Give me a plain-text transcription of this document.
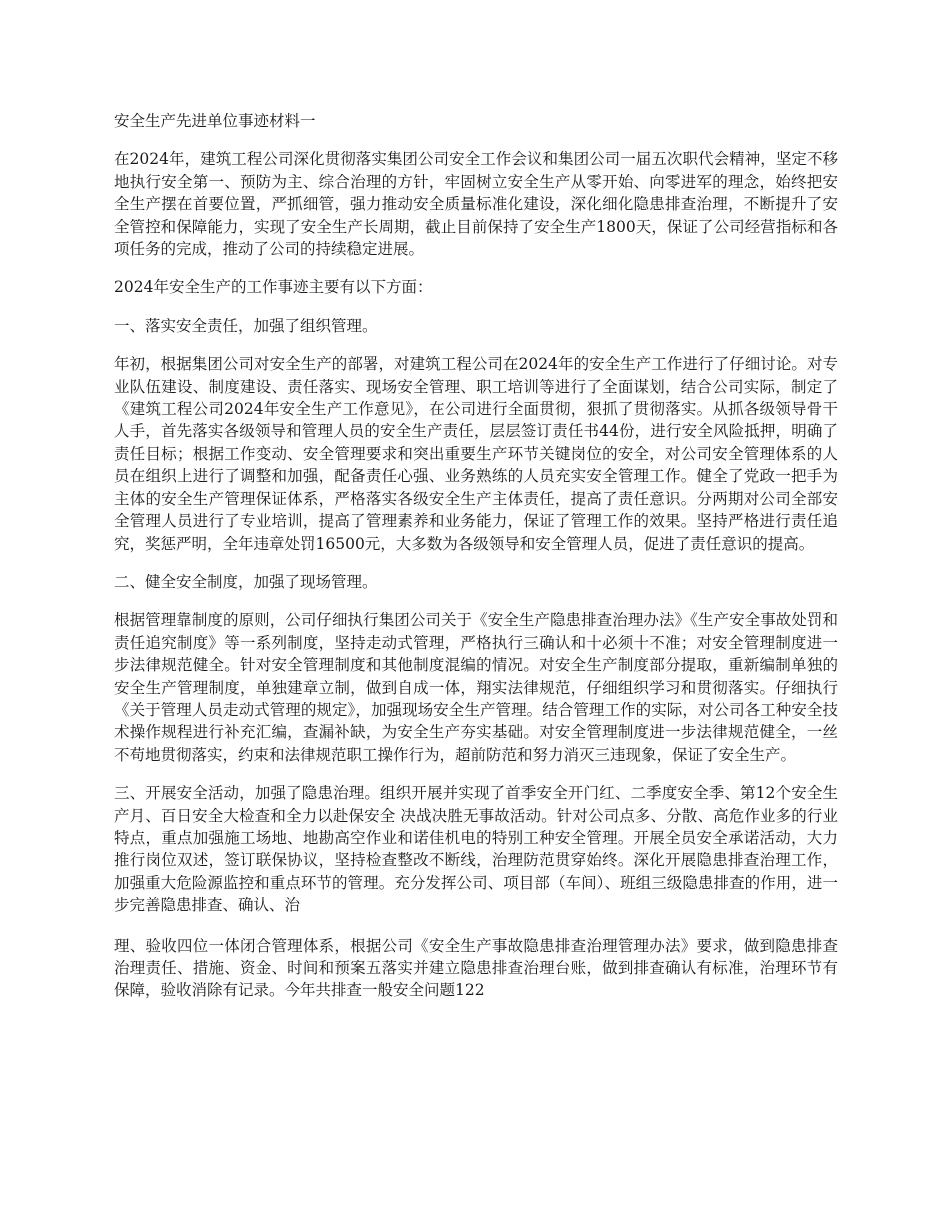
安全生产先进单位事迹材料一

在2024年，建筑工程公司深化贯彻落实集团公司安全工作会议和集团公司一届五次职代会精神，坚定不移地执行安全第一、预防为主、综合治理的方针，牢固树立安全生产从零开始、向零进军的理念，始终把安全生产摆在首要位置，严抓细管，强力推动安全质量标准化建设，深化细化隐患排查治理，不断提升了安全管控和保障能力，实现了安全生产长周期，截止目前保持了安全生产1800天，保证了公司经营指标和各项任务的完成，推动了公司的持续稳定进展。

2024年安全生产的工作事迹主要有以下方面：

一、落实安全责任，加强了组织管理。

年初，根据集团公司对安全生产的部署，对建筑工程公司在2024年的安全生产工作进行了仔细讨论。对专业队伍建设、制度建设、责任落实、现场安全管理、职工培训等进行了全面谋划，结合公司实际，制定了《建筑工程公司2024年安全生产工作意见》，在公司进行全面贯彻，狠抓了贯彻落实。从抓各级领导骨干人手，首先落实各级领导和管理人员的安全生产责任，层层签订责任书44份，进行安全风险抵押，明确了责任目标；根据工作变动、安全管理要求和突出重要生产环节关键岗位的安全，对公司安全管理体系的人员在组织上进行了调整和加强，配备责任心强、业务熟练的人员充实安全管理工作。健全了党政一把手为主体的安全生产管理保证体系，严格落实各级安全生产主体责任，提高了责任意识。分两期对公司全部安全管理人员进行了专业培训，提高了管理素养和业务能力，保证了管理工作的效果。坚持严格进行责任追究，奖惩严明，全年违章处罚16500元，大多数为各级领导和安全管理人员，促进了责任意识的提高。

二、健全安全制度，加强了现场管理。

根据管理靠制度的原则，公司仔细执行集团公司关于《安全生产隐患排查治理办法》《生产安全事故处罚和责任追究制度》等一系列制度，坚持走动式管理，严格执行三确认和十必须十不准；对安全管理制度进一步法律规范健全。针对安全管理制度和其他制度混编的情况。对安全生产制度部分提取，重新编制单独的安全生产管理制度，单独建章立制，做到自成一体，翔实法律规范，仔细组织学习和贯彻落实。仔细执行《关于管理人员走动式管理的规定》，加强现场安全生产管理。结合管理工作的实际，对公司各工种安全技术操作规程进行补充汇编，查漏补缺，为安全生产夯实基础。对安全管理制度进一步法律规范健全，一丝不苟地贯彻落实，约束和法律规范职工操作行为，超前防范和努力消灭三违现象，保证了安全生产。

三、开展安全活动，加强了隐患治理。组织开展并实现了首季安全开门红、二季度安全季、第12个安全生产月、百日安全大检查和全力以赴保安全 决战决胜无事故活动。针对公司点多、分散、高危作业多的行业特点，重点加强施工场地、地勘高空作业和诺佳机电的特别工种安全管理。开展全员安全承诺活动，大力推行岗位双述，签订联保协议，坚持检查整改不断线，治理防范贯穿始终。深化开展隐患排查治理工作，加强重大危险源监控和重点环节的管理。充分发挥公司、项目部（车间）、班组三级隐患排查的作用，进一步完善隐患排查、确认、治

理、验收四位一体闭合管理体系，根据公司《安全生产事故隐患排查治理管理办法》要求，做到隐患排查治理责任、措施、资金、时间和预案五落实并建立隐患排查治理台账，做到排查确认有标准，治理环节有保障，验收消除有记录。今年共排查一般安全问题122
